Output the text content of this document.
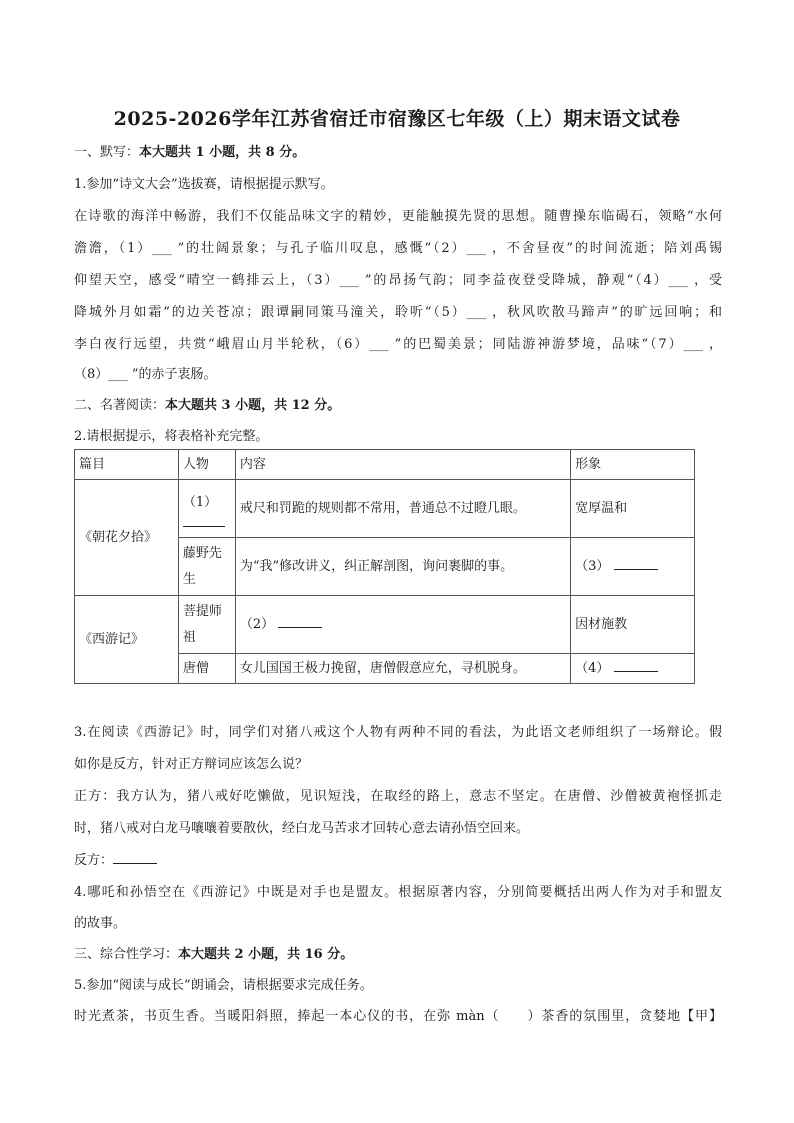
2025-2026学年江苏省宿迁市宿豫区七年级（上）期末语文试卷
一、默写：本大题共 1 小题，共 8 分。
1.参加“诗文大会”选拔赛，请根据提示默写。
在诗歌的海洋中畅游，我们不仅能品味文字的精妙，更能触摸先贤的思想。随曹操东临碣石，领略“水何
澹澹，（1）___ ”的壮阔景象；与孔子临川叹息，感慨“（2）___ ，不舍昼夜”的时间流逝；陪刘禹锡
仰望天空，感受“晴空一鹤排云上，（3）___ ”的昂扬气韵；同李益夜登受降城，静观“（4）___ ，受
降城外月如霜”的边关苍凉；跟谭嗣同策马潼关，聆听“（5）___ ，秋风吹散马蹄声”的旷远回响；和
李白夜行远望，共赏“峨眉山月半轮秋，（6）___ ”的巴蜀美景；同陆游神游梦境，品味“（7）___ ，
（8）___ ”的赤子衷肠。
二、名著阅读：本大题共 3 小题，共 12 分。
2.请根据提示，将表格补充完整。
篇目	人物	内容	形象
《朝花夕拾》	（1）	戒尺和罚跪的规则都不常用，普通总不过瞪几眼。	宽厚温和
	藤野先生	为“我”修改讲义，纠正解剖图，询问裹脚的事。	（3）
《西游记》	菩提师祖	（2）	因材施教
	唐僧	女儿国国王极力挽留，唐僧假意应允，寻机脱身。	（4）
3.在阅读《西游记》时，同学们对猪八戒这个人物有两种不同的看法，为此语文老师组织了一场辩论。假
如你是反方，针对正方辩词应该怎么说？
正方：我方认为，猪八戒好吃懒做，见识短浅，在取经的路上，意志不坚定。在唐僧、沙僧被黄袍怪抓走
时，猪八戒对白龙马嚷嚷着要散伙，经白龙马苦求才回转心意去请孙悟空回来。
反方：
4.哪吒和孙悟空在《西游记》中既是对手也是盟友。根据原著内容，分别简要概括出两人作为对手和盟友
的故事。
三、综合性学习：本大题共 2 小题，共 16 分。
5.参加“阅读与成长”朗诵会，请根据要求完成任务。
时光煮茶，书页生香。当暖阳斜照，捧起一本心仪的书，在弥 màn（　　）茶香的氛围里，贪婪地【甲】
